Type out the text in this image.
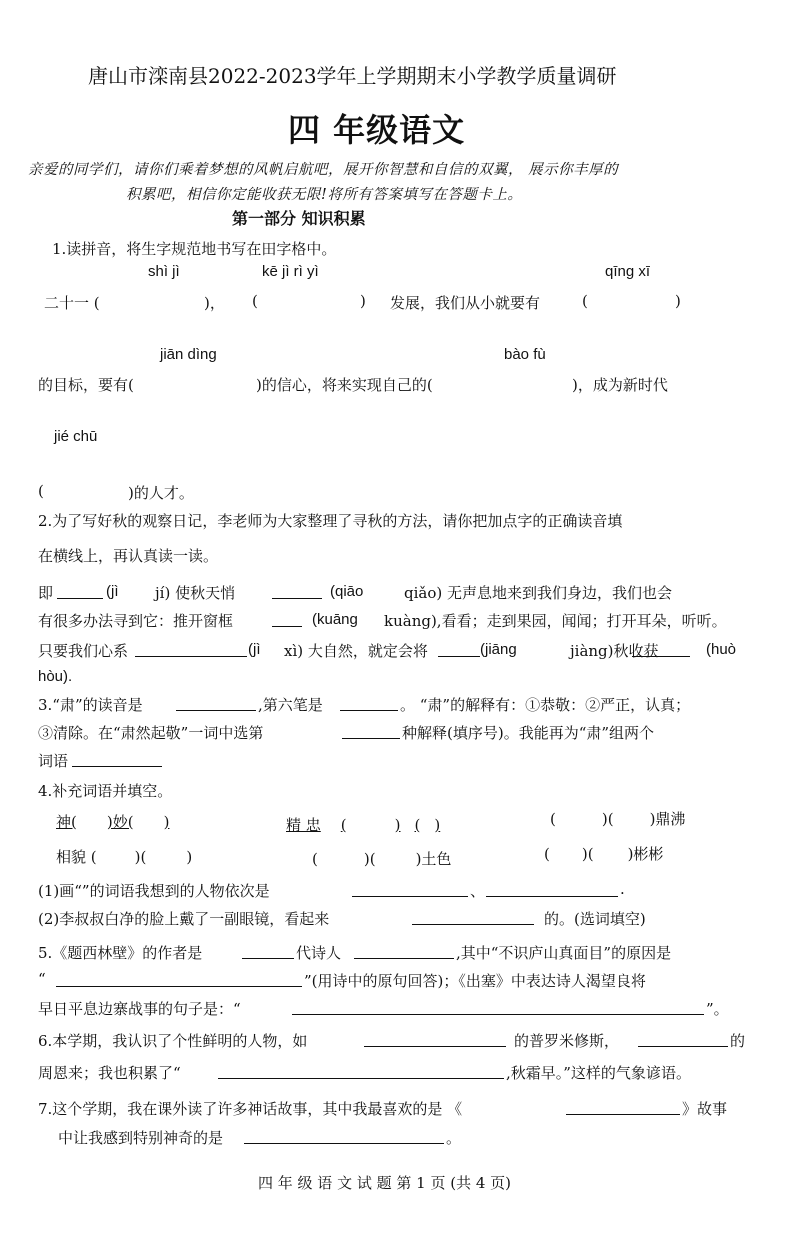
唐山市滦南县2022-2023学年上学期期末小学教学质量调研
四 年级语文
亲爱的同学们，请你们乘着梦想的风帆启航吧，展开你智慧和自信的双翼， 展示你丰厚的
积累吧，相信你定能收获无限!将所有答案填写在答题卡上。
第一部分 知识积累
1.读拼音，将生字规范地书写在田字格中。
shì jì	kē jì rì yì	qīng xī
二十一 (	)， (	) 发展，我们从小就要有	(	)
jiān dìng	bào fù
的目标，要有(	)的信心，将来实现自己的(	)，成为新时代
jié chū
(	)的人才。
2.为了写好秋的观察日记，李老师为大家整理了寻秋的方法，请你把加点字的正确读音填
在横线上，再认真读一读。
即	(jì jí) 使秋天悄	(qiāo	qiǎo) 无声息地来到我们身边，我们也会
有很多办法寻到它：推开窗框	(kuāng kuàng),看看；走到果园，闻闻；打开耳朵，听听。
只要我们心系	(jì xì) 大自然，就定会将	(jiāng	jiàng)秋收获	(huò
hòu).
3.“肃”的读音是	,第六笔是	。 “肃”的解释有：①恭敬：②严正，认真；
③清除。在“肃然起敬”一词中选第	种解释(填序号)。我能再为“肃”组两个
词语
4.补充词语并填空。
神( )妙( )	精 忠 (	) ( )	(	)( )鼎沸
相貌 (	)(	)	(	)(	)土色	( )( )彬彬
(1)画“”的词语我想到的人物依次是	、	.
(2)李叔叔白净的脸上戴了一副眼镜，看起来	的。(选词填空)
5.《题西林壁》的作者是	代诗人	,其中“不识庐山真面目”的原因是
“	”(用诗中的原句回答)；《出塞》中表达诗人渴望良将
早日平息边寨战事的句子是：“	”。
6.本学期，我认识了个性鲜明的人物，如	的普罗米修斯，	的
周恩来；我也积累了“	,秋霜早。”这样的气象谚语。
7.这个学期，我在课外读了许多神话故事，其中我最喜欢的是 《	》故事
中让我感到特别神奇的是	。
四 年 级 语 文 试 题 第 1 页 (共 4 页)
